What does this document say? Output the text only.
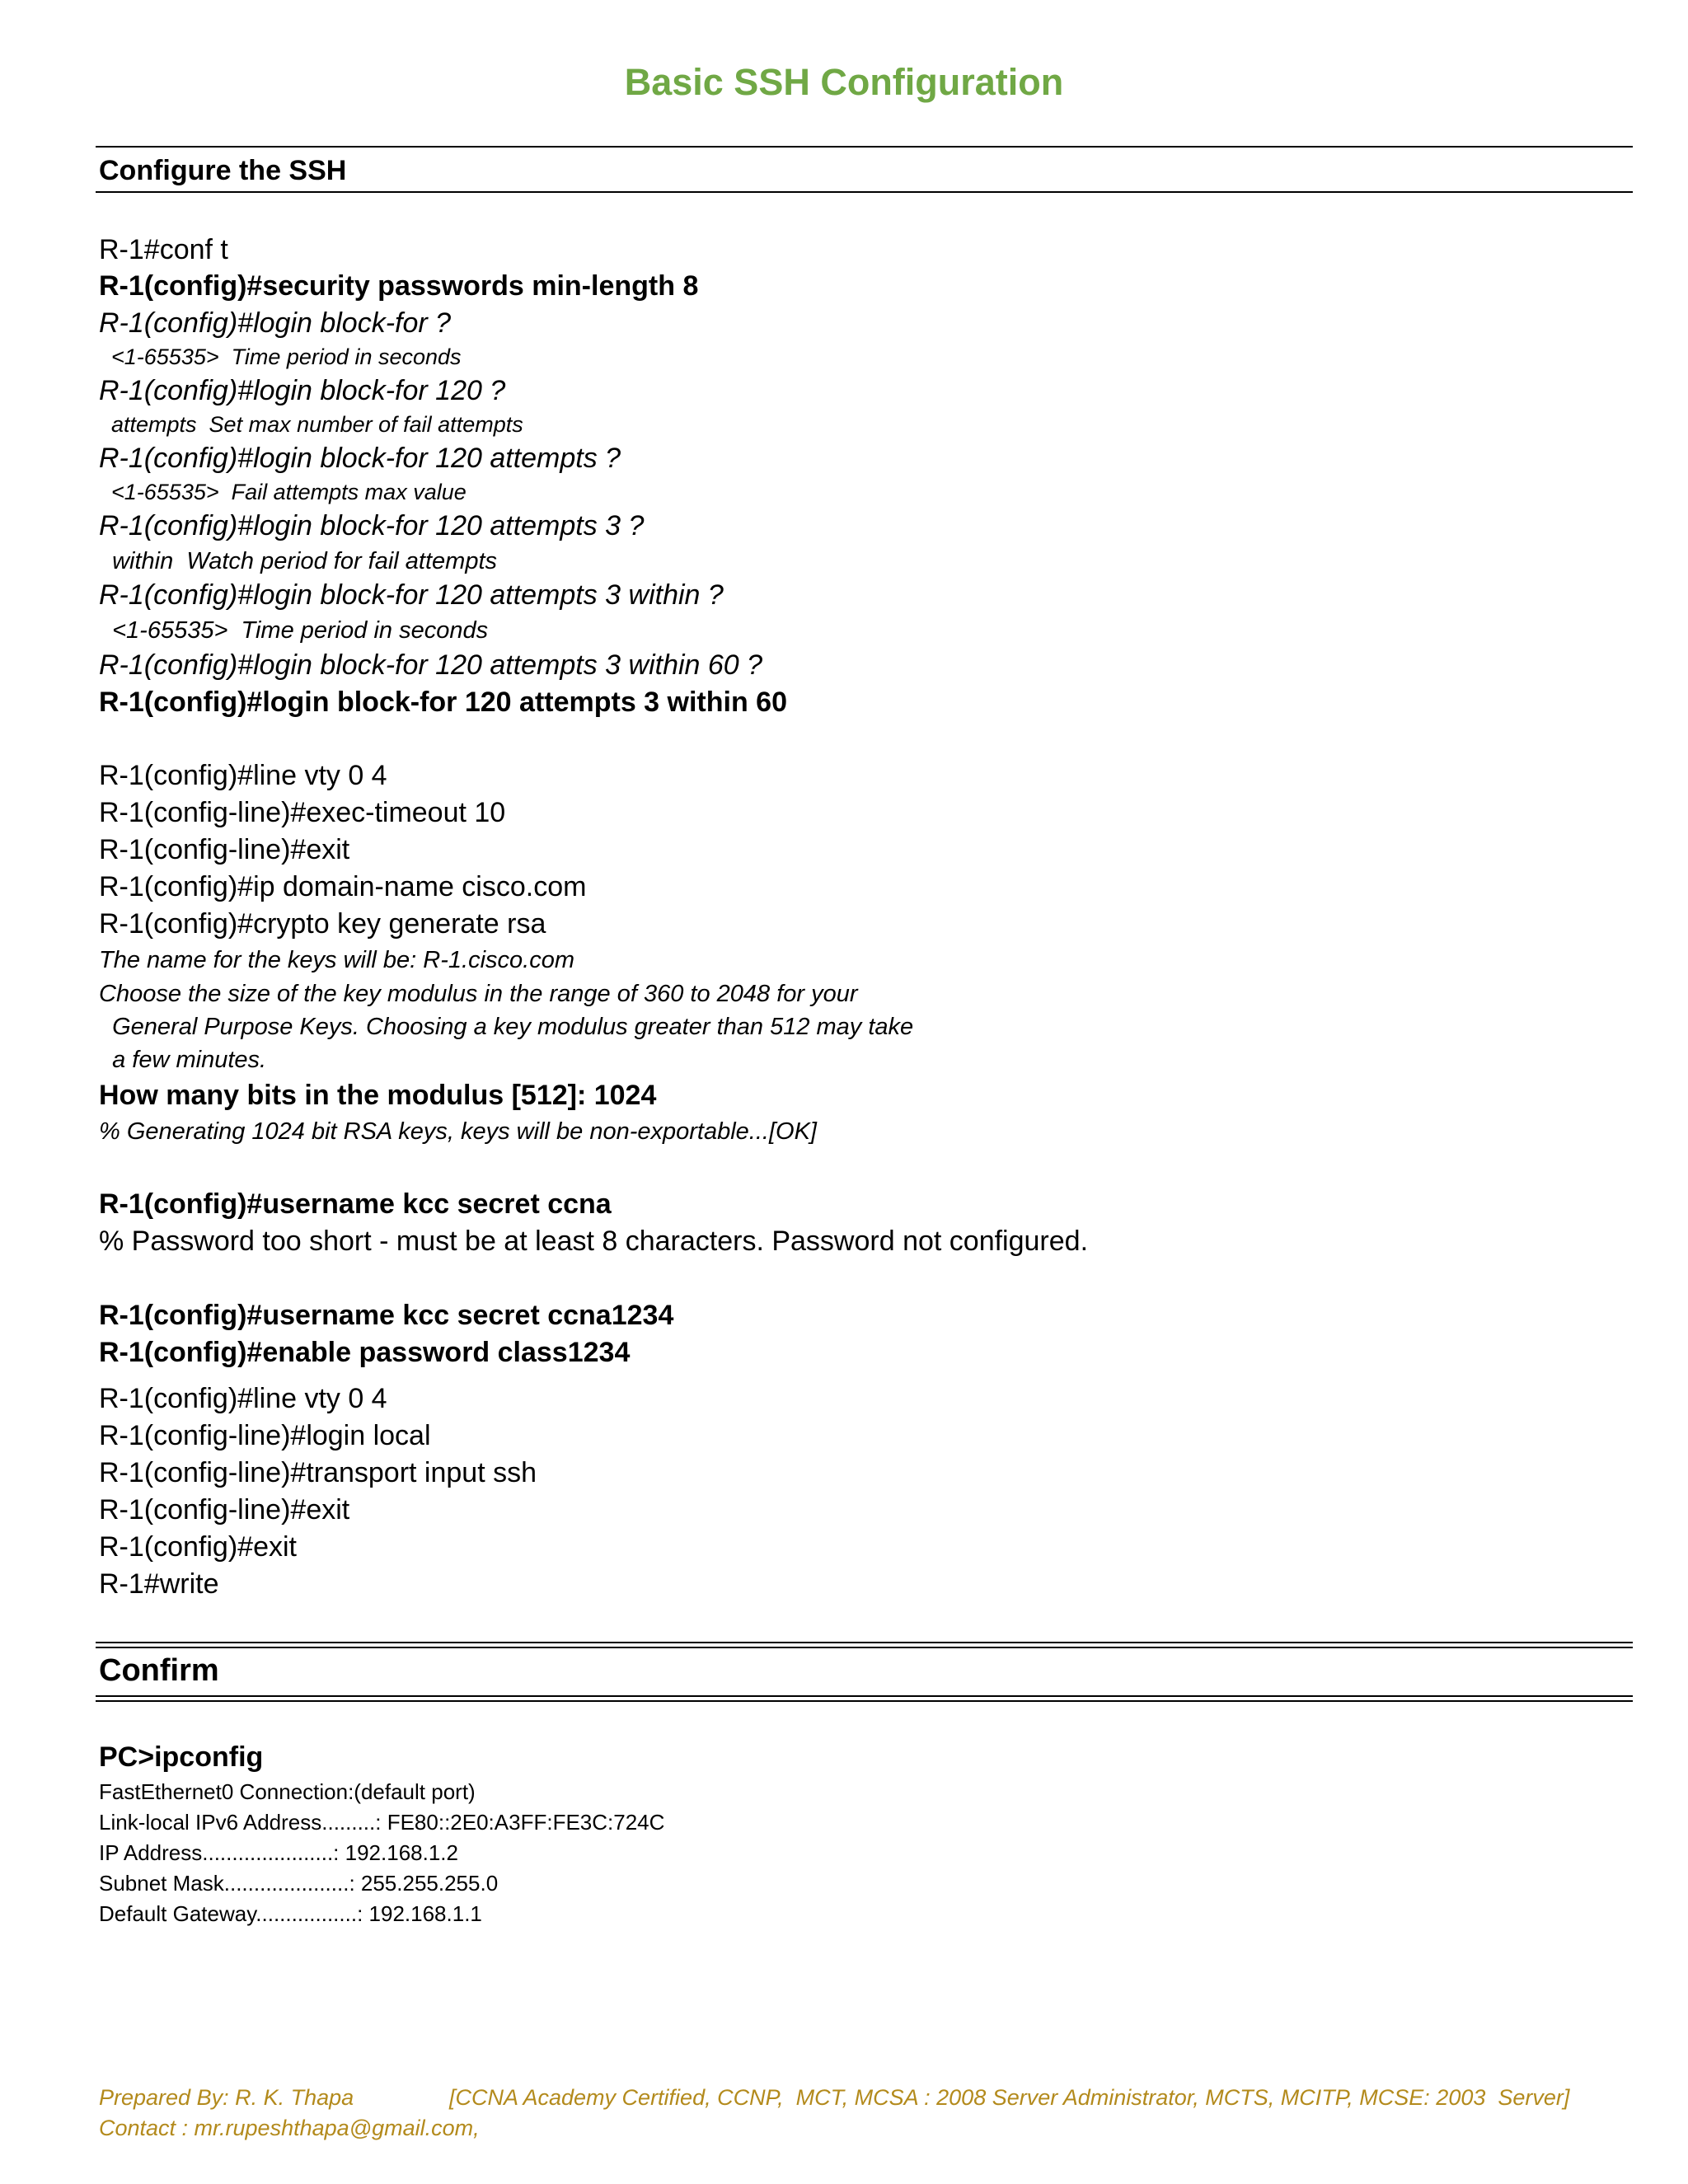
Basic SSH Configuration
Configure the SSH
R-1#conf t
R-1(config)#security passwords min-length 8
R-1(config)#login block-for ?
<1-65535>  Time period in seconds
R-1(config)#login block-for 120 ?
attempts  Set max number of fail attempts
R-1(config)#login block-for 120 attempts ?
<1-65535>  Fail attempts max value
R-1(config)#login block-for 120 attempts 3 ?
within  Watch period for fail attempts
R-1(config)#login block-for 120 attempts 3 within ?
<1-65535>  Time period in seconds
R-1(config)#login block-for 120 attempts 3 within 60 ?
R-1(config)#login block-for 120 attempts 3 within 60
R-1(config)#line vty 0 4
R-1(config-line)#exec-timeout 10
R-1(config-line)#exit
R-1(config)#ip domain-name cisco.com
R-1(config)#crypto key generate rsa
The name for the keys will be: R-1.cisco.com
Choose the size of the key modulus in the range of 360 to 2048 for your
General Purpose Keys. Choosing a key modulus greater than 512 may take
a few minutes.
How many bits in the modulus [512]: 1024
% Generating 1024 bit RSA keys, keys will be non-exportable...[OK]
R-1(config)#username kcc secret ccna
% Password too short - must be at least 8 characters. Password not configured.
R-1(config)#username kcc secret ccna1234
R-1(config)#enable password class1234
R-1(config)#line vty 0 4
R-1(config-line)#login local
R-1(config-line)#transport input ssh
R-1(config-line)#exit
R-1(config)#exit
R-1#write
Confirm
PC>ipconfig
FastEthernet0 Connection:(default port)
Link-local IPv6 Address.........: FE80::2E0:A3FF:FE3C:724C
IP Address......................: 192.168.1.2
Subnet Mask.....................: 255.255.255.0
Default Gateway.................: 192.168.1.1
Prepared By: R. K. Thapa	[CCNA Academy Certified, CCNP,  MCT, MCSA : 2008 Server Administrator, MCTS, MCITP, MCSE: 2003  Server]
Contact : mr.rupeshthapa@gmail.com,
